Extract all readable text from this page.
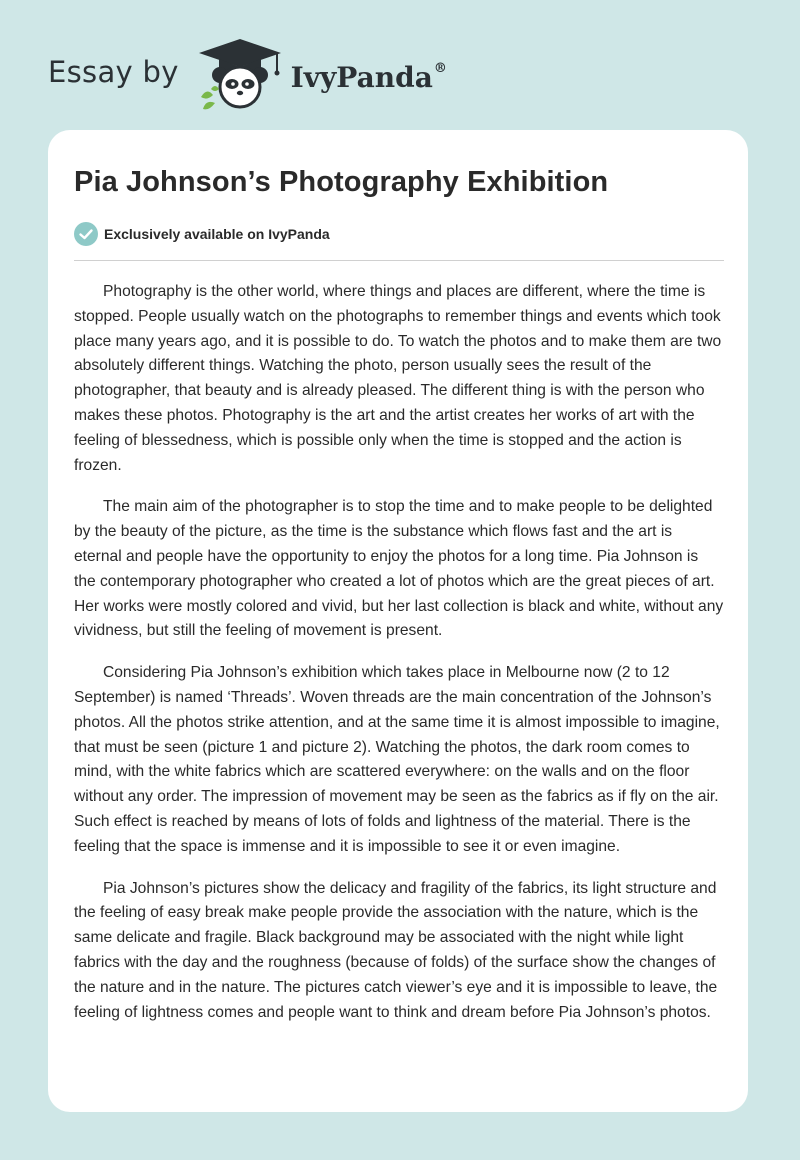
Essay by	IvyPanda®
Pia Johnson’s Photography Exhibition
Exclusively available on IvyPanda

Photography is the other world, where things and places are different, where the time is stopped. People usually watch on the photographs to remember things and events which took place many years ago, and it is possible to do. To watch the photos and to make them are two absolutely different things. Watching the photo, person usually sees the result of the photographer, that beauty and is already pleased. The different thing is with the person who makes these photos. Photography is the art and the artist creates her works of art with the feeling of blessedness, which is possible only when the time is stopped and the action is frozen.

The main aim of the photographer is to stop the time and to make people to be delighted by the beauty of the picture, as the time is the substance which flows fast and the art is eternal and people have the opportunity to enjoy the photos for a long time. Pia Johnson is the contemporary photographer who created a lot of photos which are the great pieces of art. Her works were mostly colored and vivid, but her last collection is black and white, without any vividness, but still the feeling of movement is present.

Considering Pia Johnson’s exhibition which takes place in Melbourne now (2 to 12 September) is named ‘Threads’. Woven threads are the main concentration of the Johnson’s photos. All the photos strike attention, and at the same time it is almost impossible to imagine, that must be seen (picture 1 and picture 2). Watching the photos, the dark room comes to mind, with the white fabrics which are scattered everywhere: on the walls and on the floor without any order. The impression of movement may be seen as the fabrics as if fly on the air. Such effect is reached by means of lots of folds and lightness of the material. There is the feeling that the space is immense and it is impossible to see it or even imagine.

Pia Johnson’s pictures show the delicacy and fragility of the fabrics, its light structure and the feeling of easy break make people provide the association with the nature, which is the same delicate and fragile. Black background may be associated with the night while light fabrics with the day and the roughness (because of folds) of the surface show the changes of the nature and in the nature. The pictures catch viewer’s eye and it is impossible to leave, the feeling of lightness comes and people want to think and dream before Pia Johnson’s photos.
